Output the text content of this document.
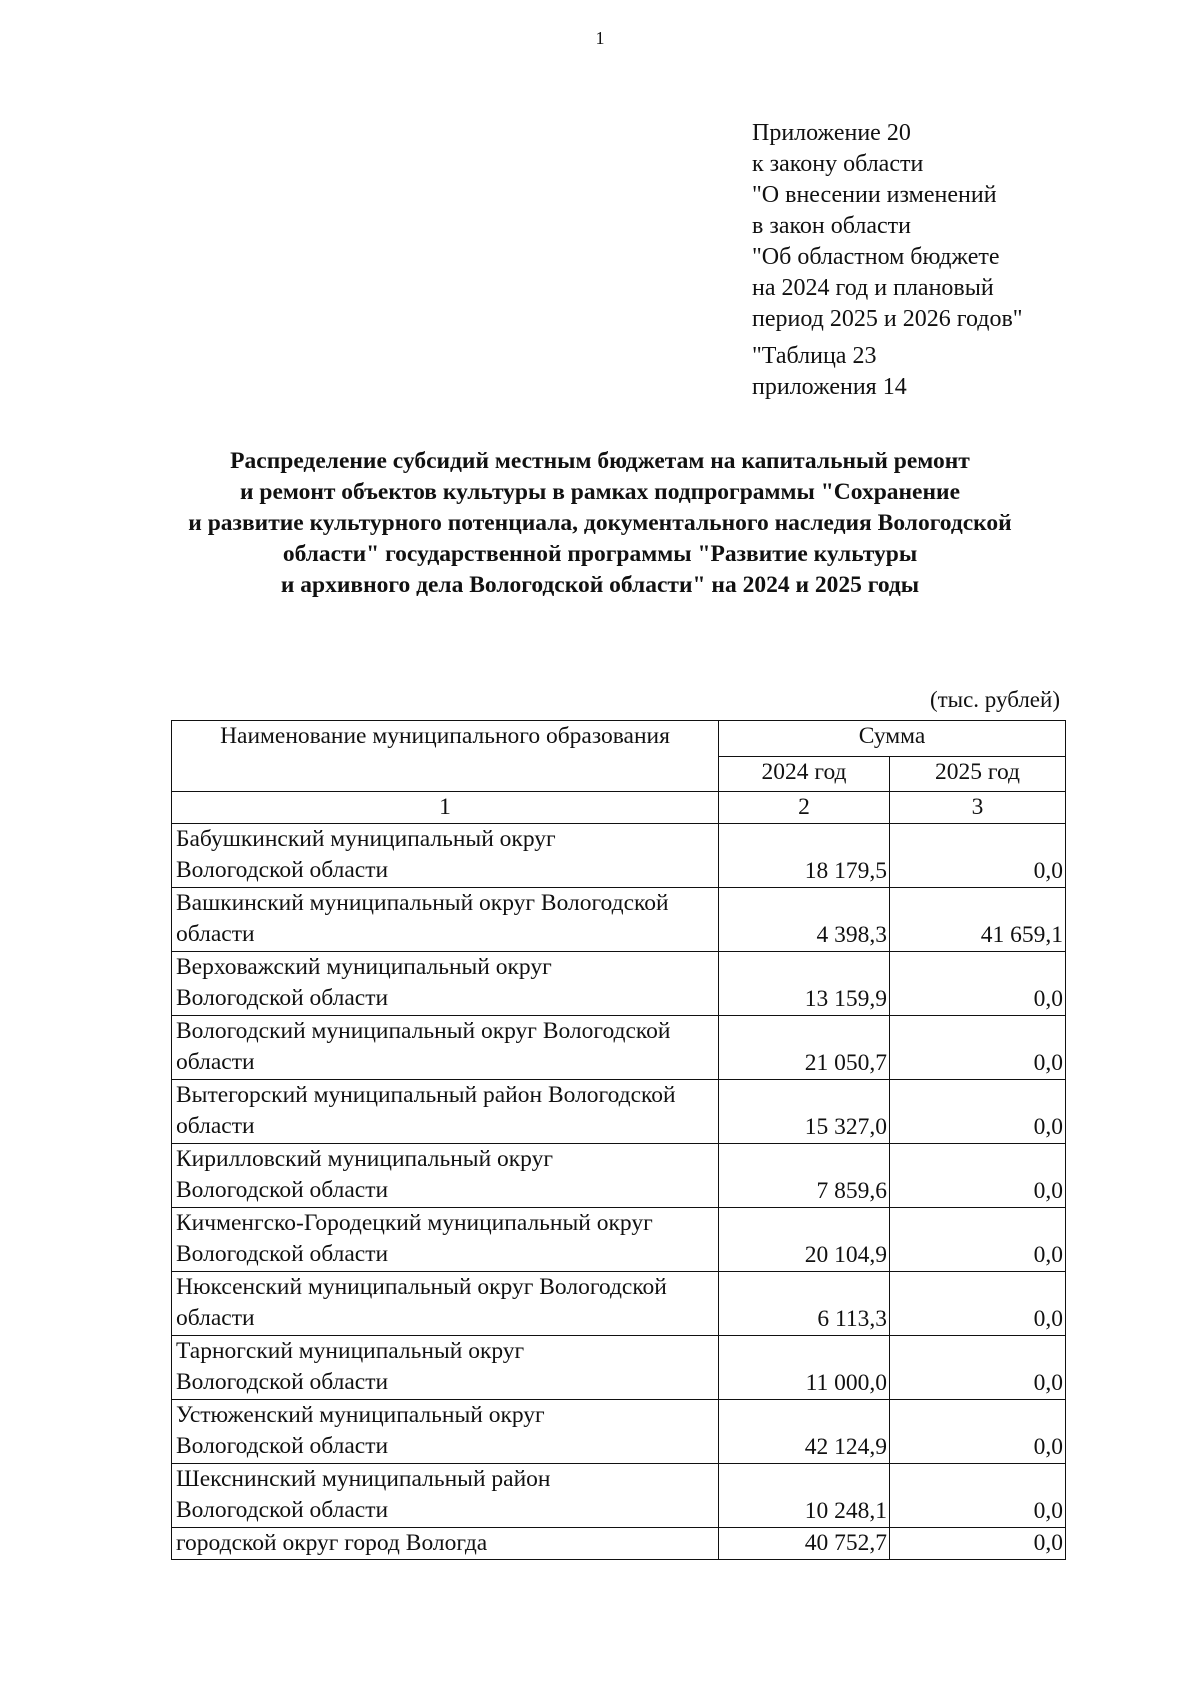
1
Приложение 20
к закону области
"О внесении изменений
в закон области
"Об областном бюджете
на 2024 год и плановый
период 2025 и 2026 годов"
"Таблица 23
приложения 14
Распределение субсидий местным бюджетам на капитальный ремонт
и ремонт объектов культуры в рамках подпрограммы "Сохранение
и развитие культурного потенциала, документального наследия Вологодской
области" государственной программы "Развитие культуры
и архивного дела Вологодской области" на 2024 и 2025 годы
(тыс. рублей)
Наименование муниципального образования	Сумма	
	2024 год	2025 год
1	2	3

Бабушкинский муниципальный округ
Вологодской области	18 179,5	0,0

Вашкинский муниципальный округ Вологодской
области	4 398,3	41 659,1

Верховажский муниципальный округ
Вологодской области	13 159,9	0,0

Вологодский муниципальный округ Вологодской
области	21 050,7	0,0

Вытегорский муниципальный район Вологодской
области	15 327,0	0,0

Кирилловский муниципальный округ
Вологодской области	7 859,6	0,0

Кичменгско-Городецкий муниципальный округ
Вологодской области	20 104,9	0,0

Нюксенский муниципальный округ Вологодской
области	6 113,3	0,0

Тарногский муниципальный округ
Вологодской области	11 000,0	0,0

Устюженский муниципальный округ
Вологодской области	42 124,9	0,0

Шекснинский муниципальный район
Вологодской области	10 248,1	0,0

городской округ город Вологда	40 752,7	0,0
